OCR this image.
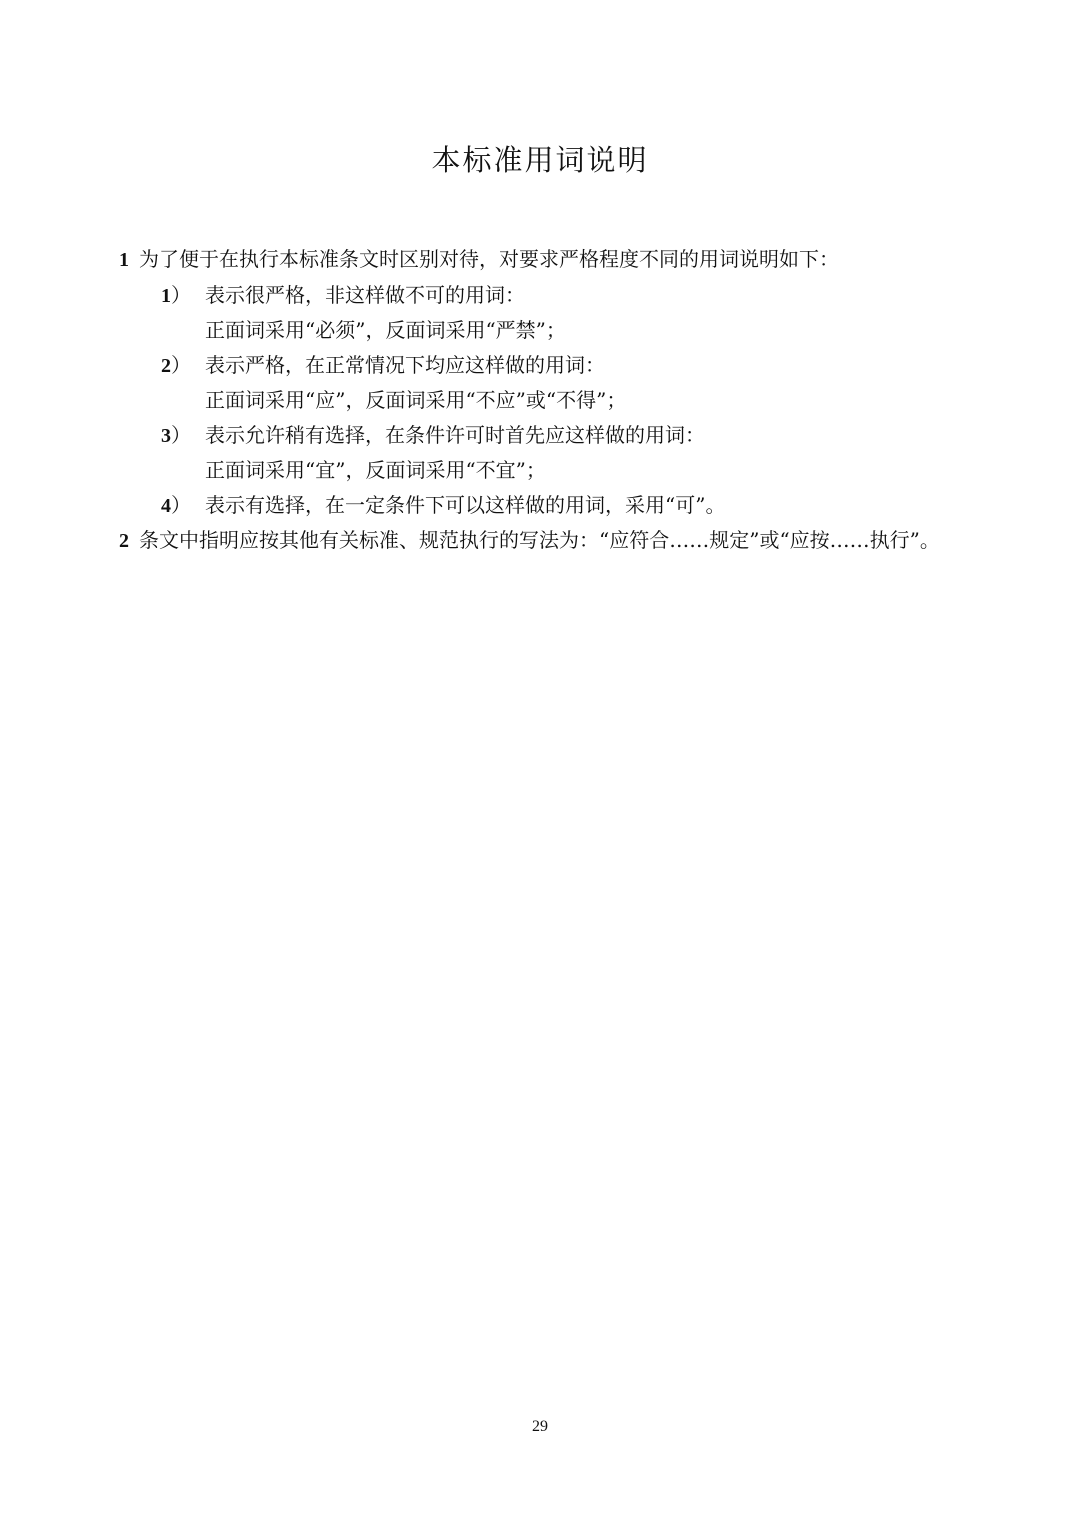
本标准用词说明
1 为了便于在执行本标准条文时区别对待，对要求严格程度不同的用词说明如下：
1） 表示很严格，非这样做不可的用词：
正面词采用“必须”，反面词采用“严禁”；
2） 表示严格，在正常情况下均应这样做的用词：
正面词采用“应”，反面词采用“不应”或“不得”；
3） 表示允许稍有选择，在条件许可时首先应这样做的用词：
正面词采用“宜”，反面词采用“不宜”；
4） 表示有选择，在一定条件下可以这样做的用词，采用“可”。
2 条文中指明应按其他有关标准、规范执行的写法为：“应符合……规定”或“应按……执行”。
29
